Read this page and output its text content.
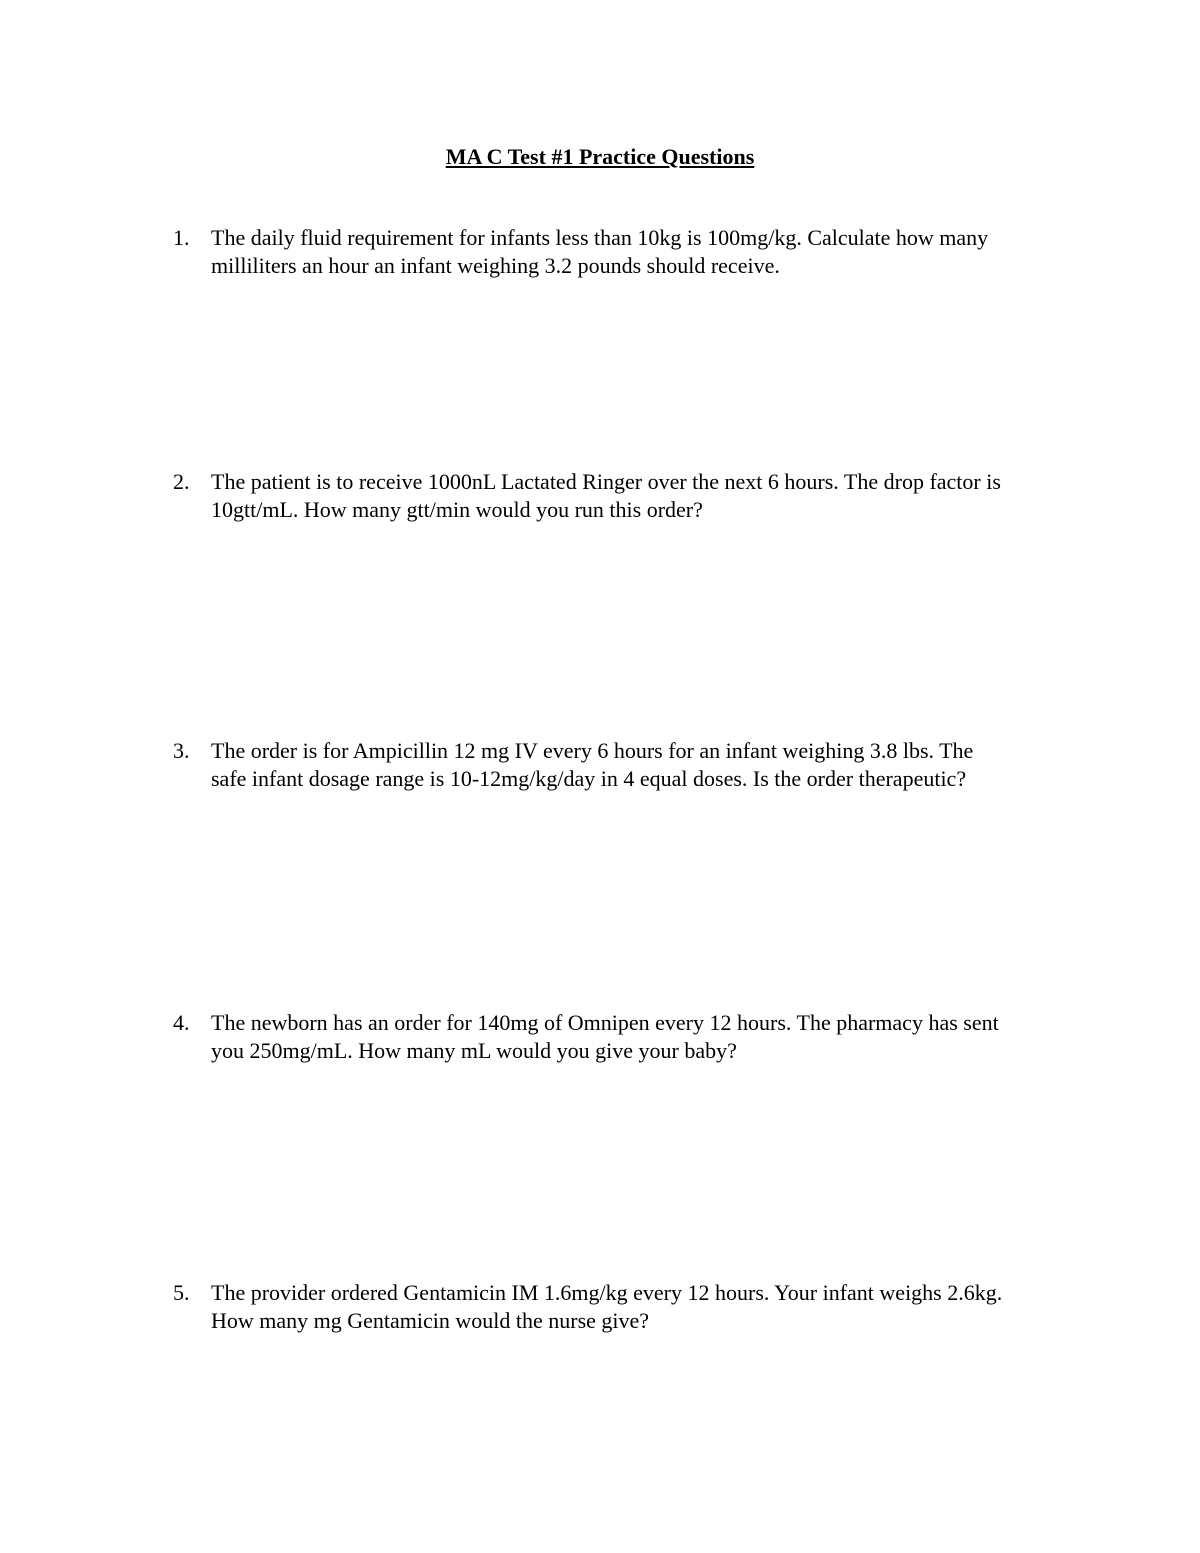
MA C Test #1 Practice Questions
1. The daily fluid requirement for infants less than 10kg is 100mg/kg. Calculate how many
milliliters an hour an infant weighing 3.2 pounds should receive.

2. The patient is to receive 1000nL Lactated Ringer over the next 6 hours. The drop factor is
10gtt/mL. How many gtt/min would you run this order?

3. The order is for Ampicillin 12 mg IV every 6 hours for an infant weighing 3.8 lbs. The
safe infant dosage range is 10-12mg/kg/day in 4 equal doses. Is the order therapeutic?

4. The newborn has an order for 140mg of Omnipen every 12 hours. The pharmacy has sent
you 250mg/mL. How many mL would you give your baby?

5. The provider ordered Gentamicin IM 1.6mg/kg every 12 hours. Your infant weighs 2.6kg.
How many mg Gentamicin would the nurse give?
